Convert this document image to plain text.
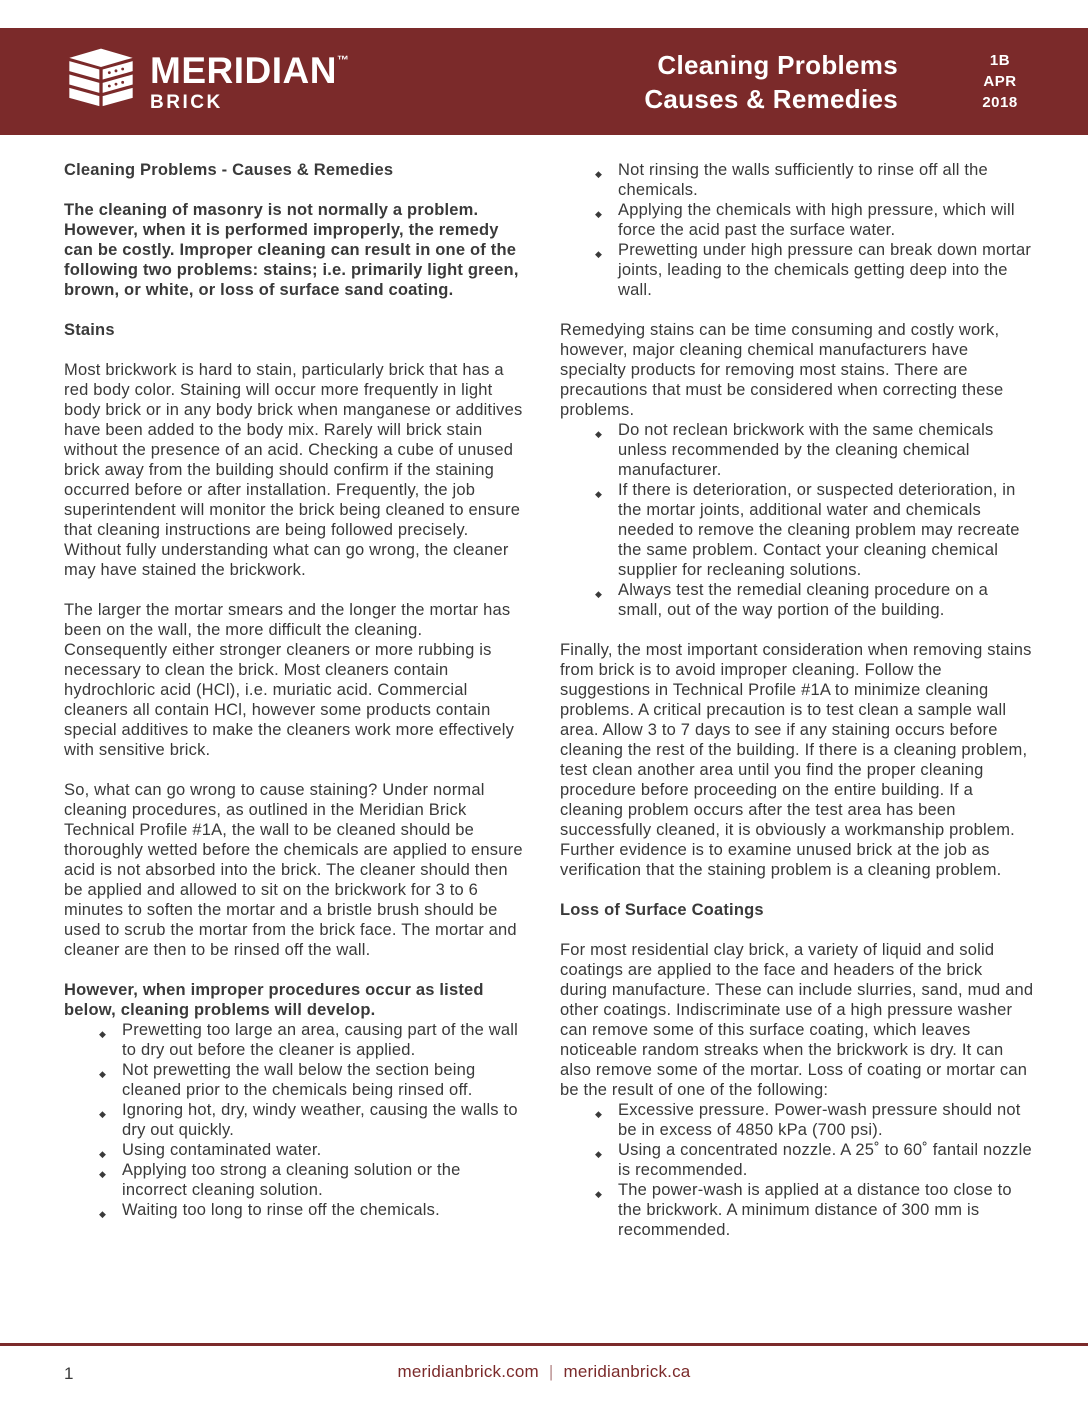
MERIDIAN™
BRICK
Cleaning Problems
Causes & Remedies
1B
APR
2018
Cleaning Problems - Causes & Remedies

The cleaning of masonry is not normally a problem. However, when it is performed improperly, the remedy can be costly. Improper cleaning can result in one of the following two problems: stains; i.e. primarily light green, brown, or white, or loss of surface sand coating.

Stains

Most brickwork is hard to stain, particularly brick that has a red body color. Staining will occur more frequently in light body brick or in any body brick when manganese or additives have been added to the body mix. Rarely will brick stain without the presence of an acid. Checking a cube of unused brick away from the building should confirm if the staining occurred before or after installation. Frequently, the job superintendent will monitor the brick being cleaned to ensure that cleaning instructions are being followed precisely. Without fully understanding what can go wrong, the cleaner may have stained the brickwork.

The larger the mortar smears and the longer the mortar has been on the wall, the more difficult the cleaning. Consequently either stronger cleaners or more rubbing is necessary to clean the brick. Most cleaners contain hydrochloric acid (HCl), i.e. muriatic acid. Commercial cleaners all contain HCl, however some products contain special additives to make the cleaners work more effectively with sensitive brick.

So, what can go wrong to cause staining? Under normal cleaning procedures, as outlined in the Meridian Brick Technical Profile #1A, the wall to be cleaned should be thoroughly wetted before the chemicals are applied to ensure acid is not absorbed into the brick. The cleaner should then be applied and allowed to sit on the brickwork for 3 to 6 minutes to soften the mortar and a bristle brush should be used to scrub the mortar from the brick face. The mortar and cleaner are then to be rinsed off the wall.

However, when improper procedures occur as listed below, cleaning problems will develop.

◆ Prewetting too large an area, causing part of the wall to dry out before the cleaner is applied.
◆ Not prewetting the wall below the section being cleaned prior to the chemicals being rinsed off.
◆ Ignoring hot, dry, windy weather, causing the walls to dry out quickly.
◆ Using contaminated water.
◆ Applying too strong a cleaning solution or the incorrect cleaning solution.
◆ Waiting too long to rinse off the chemicals.
◆ Not rinsing the walls sufficiently to rinse off all the chemicals.
◆ Applying the chemicals with high pressure, which will force the acid past the surface water.
◆ Prewetting under high pressure can break down mortar joints, leading to the chemicals getting deep into the wall.

Remedying stains can be time consuming and costly work, however, major cleaning chemical manufacturers have specialty products for removing most stains. There are precautions that must be considered when correcting these problems.

◆ Do not reclean brickwork with the same chemicals unless recommended by the cleaning chemical manufacturer.
◆ If there is deterioration, or suspected deterioration, in the mortar joints, additional water and chemicals needed to remove the cleaning problem may recreate the same problem. Contact your cleaning chemical supplier for recleaning solutions.
◆ Always test the remedial cleaning procedure on a small, out of the way portion of the building.

Finally, the most important consideration when removing stains from brick is to avoid improper cleaning. Follow the suggestions in Technical Profile #1A to minimize cleaning problems. A critical precaution is to test clean a sample wall area. Allow 3 to 7 days to see if any staining occurs before cleaning the rest of the building. If there is a cleaning problem, test clean another area until you find the proper cleaning procedure before proceeding on the entire building. If a cleaning problem occurs after the test area has been successfully cleaned, it is obviously a workmanship problem. Further evidence is to examine unused brick at the job as verification that the staining problem is a cleaning problem.

Loss of Surface Coatings

For most residential clay brick, a variety of liquid and solid coatings are applied to the face and headers of the brick during manufacture. These can include slurries, sand, mud and other coatings. Indiscriminate use of a high pressure washer can remove some of this surface coating, which leaves noticeable random streaks when the brickwork is dry. It can also remove some of the mortar. Loss of coating or mortar can be the result of one of the following:

◆ Excessive pressure. Power-wash pressure should not be in excess of 4850 kPa (700 psi).
◆ Using a concentrated nozzle. A 25˚ to 60˚ fantail nozzle is recommended.
◆ The power-wash is applied at a distance too close to the brickwork. A minimum distance of 300 mm is recommended.
1	meridianbrick.com | meridianbrick.ca
